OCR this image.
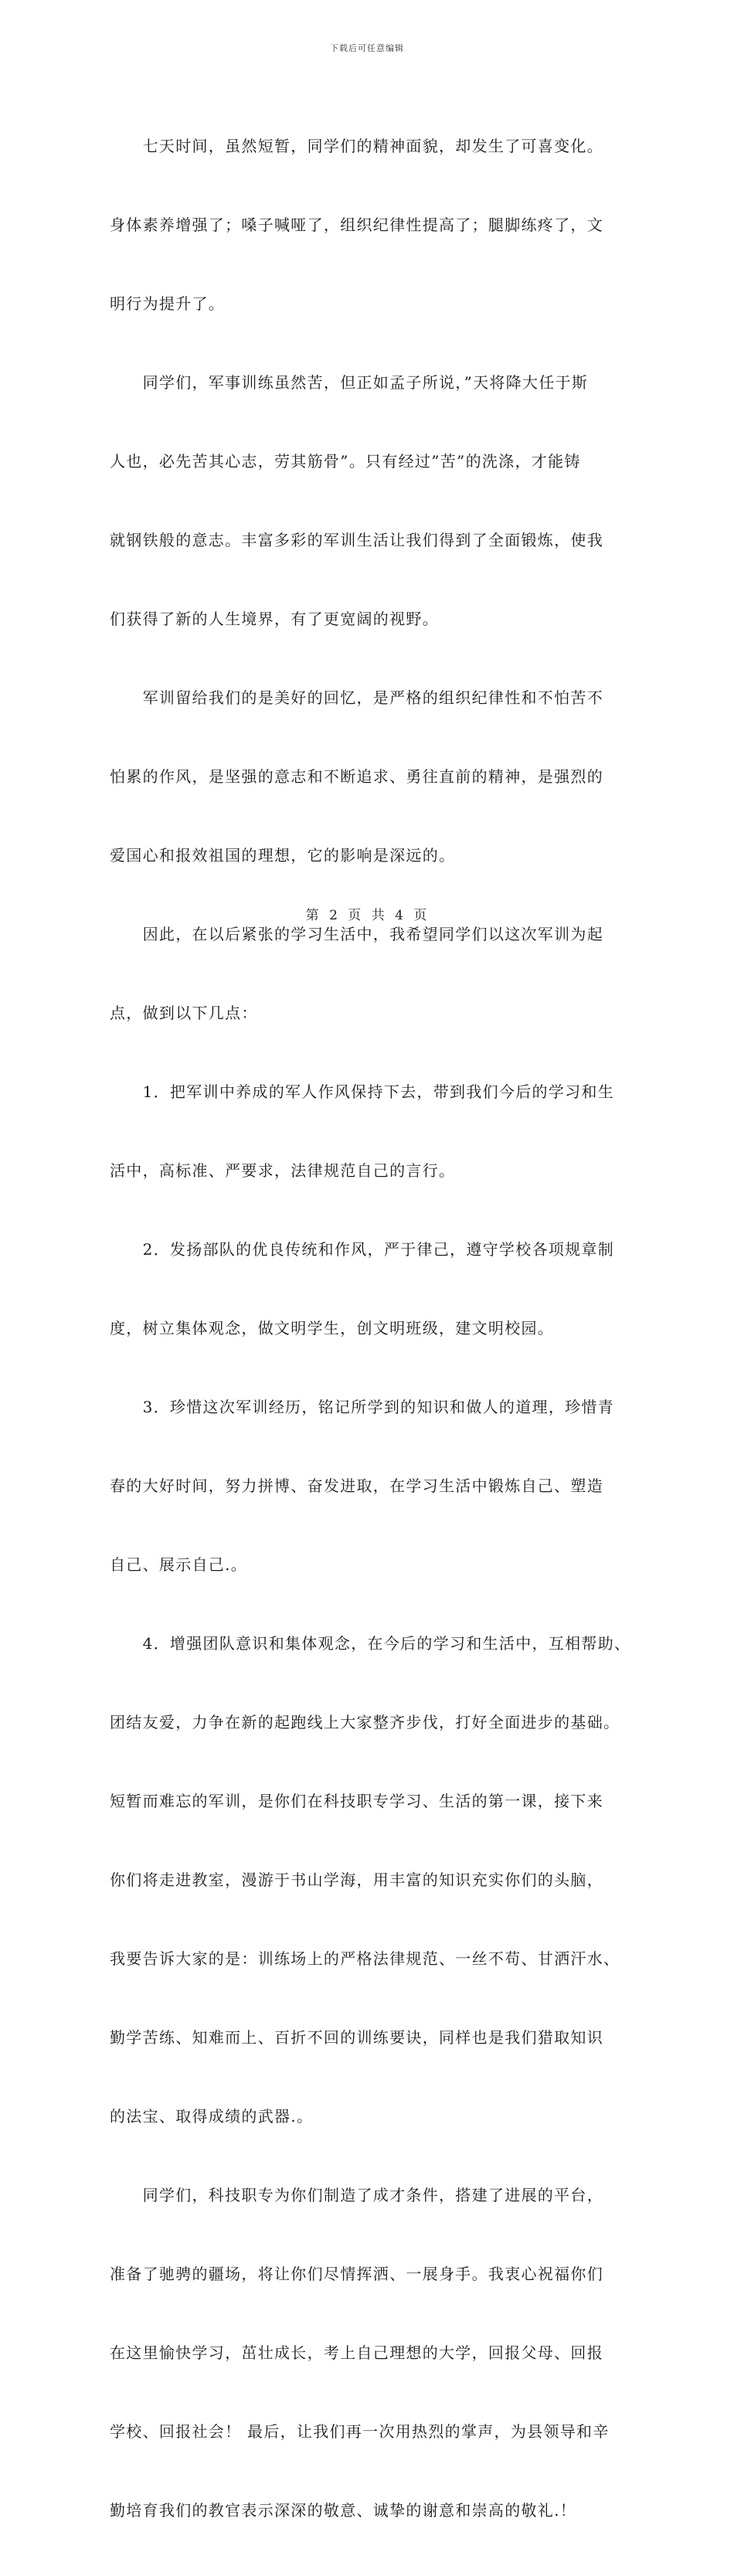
下载后可任意编辑

　　七天时间，虽然短暂，同学们的精神面貌，却发生了可喜变化。

身体素养增强了；嗓子喊哑了，组织纪律性提高了；腿脚练疼了，文

明行为提升了。

　　同学们，军事训练虽然苦，但正如孟子所说，”天将降大任于斯

人也，必先苦其心志，劳其筋骨”。只有经过”苦”的洗涤，才能铸

就钢铁般的意志。丰富多彩的军训生活让我们得到了全面锻炼，使我

们获得了新的人生境界，有了更宽阔的视野。

　　军训留给我们的是美好的回忆，是严格的组织纪律性和不怕苦不

怕累的作风，是坚强的意志和不断追求、勇往直前的精神，是强烈的

爱国心和报效祖国的理想，它的影响是深远的。

　　因此，在以后紧张的学习生活中，我希望同学们以这次军训为起

点，做到以下几点：

　　1．把军训中养成的军人作风保持下去，带到我们今后的学习和生

活中，高标准、严要求，法律规范自己的言行。

　　2．发扬部队的优良传统和作风，严于律己，遵守学校各项规章制

度，树立集体观念，做文明学生，创文明班级，建文明校园。

　　3．珍惜这次军训经历，铭记所学到的知识和做人的道理，珍惜青

春的大好时间，努力拼博、奋发进取，在学习生活中锻炼自己、塑造

自己、展示自己.。

　　4．增强团队意识和集体观念，在今后的学习和生活中，互相帮助、

团结友爱，力争在新的起跑线上大家整齐步伐，打好全面进步的基础。

短暂而难忘的军训，是你们在科技职专学习、生活的第一课，接下来

你们将走进教室，漫游于书山学海，用丰富的知识充实你们的头脑，

我要告诉大家的是：训练场上的严格法律规范、一丝不苟、甘洒汗水、

勤学苦练、知难而上、百折不回的训练要诀，同样也是我们猎取知识

的法宝、取得成绩的武器.。

　　同学们，科技职专为你们制造了成才条件，搭建了进展的平台，

准备了驰骋的疆场，将让你们尽情挥洒、一展身手。我衷心祝福你们

在这里愉快学习，茁壮成长，考上自己理想的大学，回报父母、回报

学校、回报社会！ 最后，让我们再一次用热烈的掌声，为县领导和辛

勤培育我们的教官表示深深的敬意、诚挚的谢意和崇高的敬礼.！

第 2 页 共 4 页
